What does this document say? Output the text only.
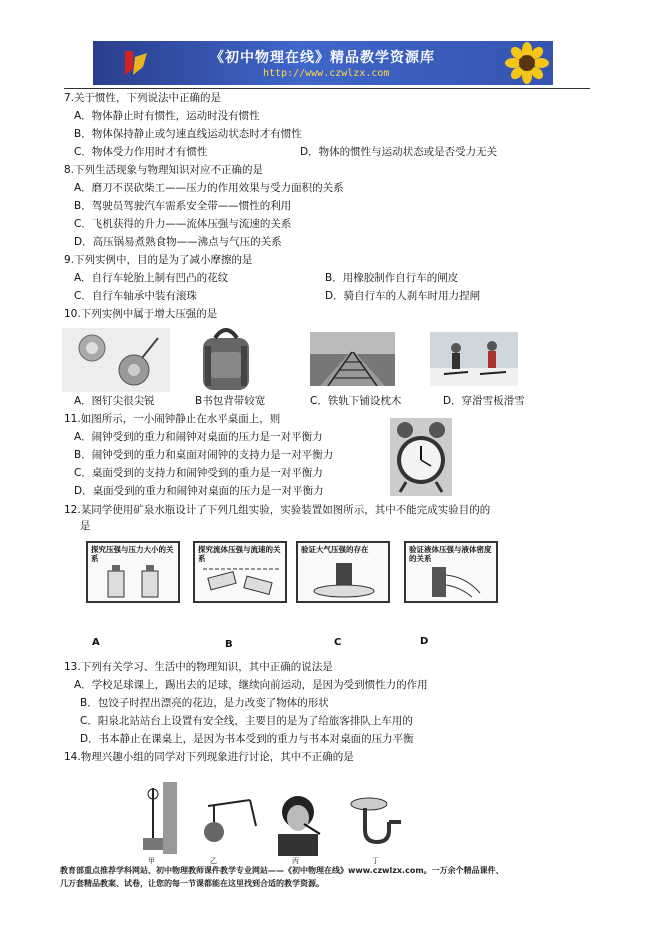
《初中物理在线》精品教学资源库
http://www.czwlzx.com
7.关于惯性，下列说法中正确的是
A．物体静止时有惯性，运动时没有惯性
B．物体保持静止或匀速直线运动状态时才有惯性
C．物体受力作用时才有惯性	D．物体的惯性与运动状态或是否受力无关
8.下列生活现象与物理知识对应不正确的是
A．磨刀不误砍柴工——压力的作用效果与受力面积的关系
B．驾驶员驾驶汽车需系安全带——惯性的利用
C．飞机获得的升力——流体压强与流速的关系
D．高压锅易煮熟食物——沸点与气压的关系
9.下列实例中，目的是为了减小摩擦的是
A．自行车轮胎上制有凹凸的花纹	B．用橡胶制作自行车的闸皮
C．自行车轴承中装有滚珠	D．骑自行车的人刹车时用力捏闸
10.下列实例中属于增大压强的是
A．图钉尖很尖锐	B书包背带较宽	C．铁轨下铺设枕木	D．穿滑雪板滑雪
11.如图所示，一小闹钟静止在水平桌面上，则
A．闹钟受到的重力和闹钟对桌面的压力是一对平衡力
B．闹钟受到的重力和桌面对闹钟的支持力是一对平衡力
C．桌面受到的支持力和闹钟受到的重力是一对平衡力
D．桌面受到的重力和闹钟对桌面的压力是一对平衡力
12.某同学使用矿泉水瓶设计了下列几组实验，实验装置如图所示，其中不能完成实验目的的
是
探究压强与压力大小的关系
探究流体压强与流速的关系
验证大气压强的存在	验证液体压强与液体密度的关系
A	B	C	D
13.下列有关学习、生活中的物理知识，其中正确的说法是
A．学校足球课上，踢出去的足球，继续向前运动，是因为受到惯性力的作用
B．包饺子时捏出漂亮的花边，是力改变了物体的形状
C．阳泉北站站台上设置有安全线，主要目的是为了给旅客排队上车用的
D．书本静止在课桌上，是因为书本受到的重力与书本对桌面的压力平衡
14.物理兴趣小组的同学对下列现象进行讨论，其中不正确的是
甲	乙	丙	丁
教育部重点推荐学科网站、初中物理教师课件教学专业网站——《初中物理在线》www.czwlzx.com。一万余个精品课件、
几万套精品教案、试卷，让您的每一节课都能在这里找到合适的教学资源。
